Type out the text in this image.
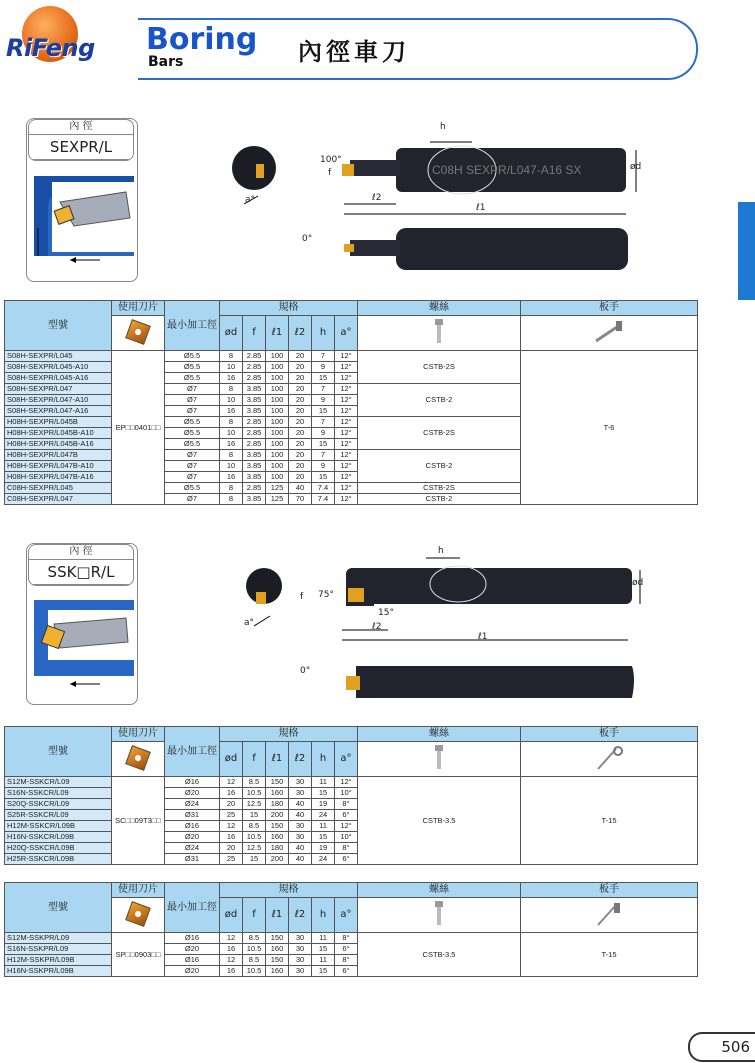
RiFeng Boring
Bars	內徑車刀
內 徑
SEXPR/L
a°
C08H SEXPR/L047-A16 SX
h
100°
f
ℓ2
ℓ1
ød
0°
型號	使用刀片	最小加工徑	規格						螺絲	板手
			ød	f	ℓ1	ℓ2	h	a°		
S08H-SEXPR/L045	EP□□0401□□	Ø5.5	8	2.85	100	20	7	12°	CSTB-2S	T-6
S08H-SEXPR/L045-A10		Ø5.5	10	2.85	100	20	9	12°		
S08H-SEXPR/L045-A16		Ø5.5	16	2.85	100	20	15	12°		
S08H-SEXPR/L047		Ø7	8	3.85	100	20	7	12°	CSTB-2	
S08H-SEXPR/L047-A10		Ø7	10	3.85	100	20	9	12°		
S08H-SEXPR/L047-A16		Ø7	16	3.85	100	20	15	12°		
H08H-SEXPR/L045B		Ø5.5	8	2.85	100	20	7	12°	CSTB-2S	
H08H-SEXPR/L045B-A10		Ø5.5	10	2.85	100	20	9	12°		
H08H-SEXPR/L045B-A16		Ø5.5	16	2.85	100	20	15	12°		
H08H-SEXPR/L047B		Ø7	8	3.85	100	20	7	12°	CSTB-2	
H08H-SEXPR/L047B-A10		Ø7	10	3.85	100	20	9	12°		
H08H-SEXPR/L047B-A16		Ø7	16	3.85	100	20	15	12°		
C08H-SEXPR/L045		Ø5.5	8	2.85	125	40	7.4	12°	CSTB-2S	
C08H-SEXPR/L047		Ø7	8	3.85	125	70	7.4	12°	CSTB-2	
內 徑
SSK□R/L
a°
h
75°
15°
f
ℓ2
ℓ1
ød
0°
型號	使用刀片	最小加工徑	規格						螺絲	板手
			ød	f	ℓ1	ℓ2	h	a°		
S12M-SSKCR/L09	SC□□09T3□□	Ø16	12	8.5	150	30	11	12°	CSTB-3.5	T-15
S16N-SSKCR/L09		Ø20	16	10.5	160	30	15	10°		
S20Q-SSKCR/L09		Ø24	20	12.5	180	40	19	8°		
S25R-SSKCR/L09		Ø31	25	15	200	40	24	6°		
H12M-SSKCR/L09B		Ø16	12	8.5	150	30	11	12°		
H16N-SSKCR/L09B		Ø20	16	10.5	160	30	15	10°		
H20Q-SSKCR/L09B		Ø24	20	12.5	180	40	19	8°		
H25R-SSKCR/L09B		Ø31	25	15	200	40	24	6°		
型號	使用刀片	最小加工徑	規格						螺絲	板手
			ød	f	ℓ1	ℓ2	h	a°		
S12M-SSKPR/L09	SP□□0903□□	Ø16	12	8.5	150	30	11	8°	CSTB-3.5	T-15
S16N-SSKPR/L09		Ø20	16	10.5	160	30	15	6°		
H12M-SSKPR/L09B		Ø16	12	8.5	150	30	11	8°		
H16N-SSKPR/L09B		Ø20	16	10.5	160	30	15	6°		
506
